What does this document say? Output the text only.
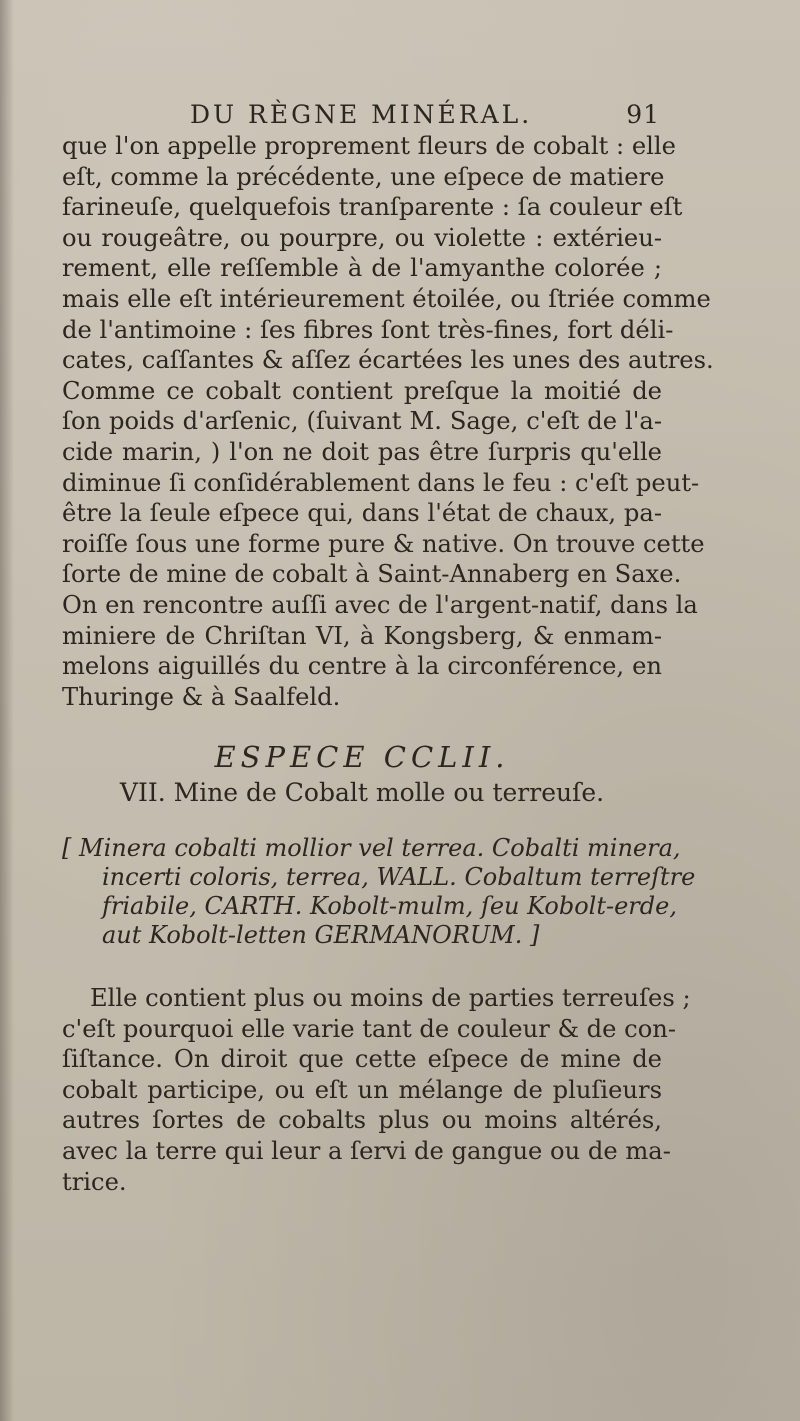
DU RÈGNE MINÉRAL.	91
que l'on appelle proprement fleurs de cobalt : elle
eſt, comme la précédente, une eſpece de matiere
farineuſe, quelquefois tranſparente : ſa couleur eſt
ou rougeâtre, ou pourpre, ou violette : extérieu-
rement, elle reſſemble à de l'amyanthe colorée ;
mais elle eſt intérieurement étoilée, ou ſtriée comme
de l'antimoine : ſes fibres ſont très-fines, fort déli-
cates, caſſantes & aſſez écartées les unes des autres.
Comme ce cobalt contient preſque la moitié de
ſon poids d'arſenic, (ſuivant M. Sage, c'eſt de l'a-
cide marin, ) l'on ne doit pas être ſurpris qu'elle
diminue ſi conſidérablement dans le feu : c'eſt peut-
être la ſeule eſpece qui, dans l'état de chaux, pa-
roiſſe ſous une forme pure & native. On trouve cette
ſorte de mine de cobalt à Saint-Annaberg en Saxe.
On en rencontre auſſi avec de l'argent-natif, dans la
miniere de Chriſtan VI, à Kongsberg, & enmam-
melons aiguillés du centre à la circonférence, en
Thuringe & à Saalfeld.
ESPECE CCLII.
VII. Mine de Cobalt molle ou terreuſe.
[ Minera cobalti mollior vel terrea. Cobalti minera,
incerti coloris, terrea, WALL. Cobaltum terreſtre
friabile, CARTH. Kobolt-mulm, ſeu Kobolt-erde,
aut Kobolt-letten GERMANORUM. ]
Elle contient plus ou moins de parties terreuſes ;
c'eſt pourquoi elle varie tant de couleur & de con-
ſiſtance. On diroit que cette eſpece de mine de
cobalt participe, ou eſt un mélange de pluſieurs
autres ſortes de cobalts plus ou moins altérés,
avec la terre qui leur a ſervi de gangue ou de ma-
trice.
